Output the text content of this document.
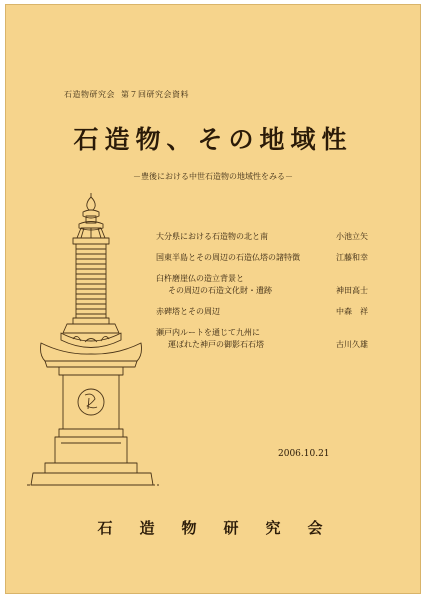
石造物研究会 第７回研究会資料
石造物、その地域性
－豊後における中世石造物の地域性をみる－
大分県における石造物の北と南	小池立矢
国東半島とその周辺の石造仏塔の諸特徴	江藤和幸
臼杵磨崖仏の造立背景と
その周辺の石造文化財・遺跡	神田高士
赤碑塔とその周辺	中森　祥
瀬戸内ルートを通じて九州に
運ばれた神戸の御影石石塔	古川久雄
2006.10.21
石　造　物　研　究　会
